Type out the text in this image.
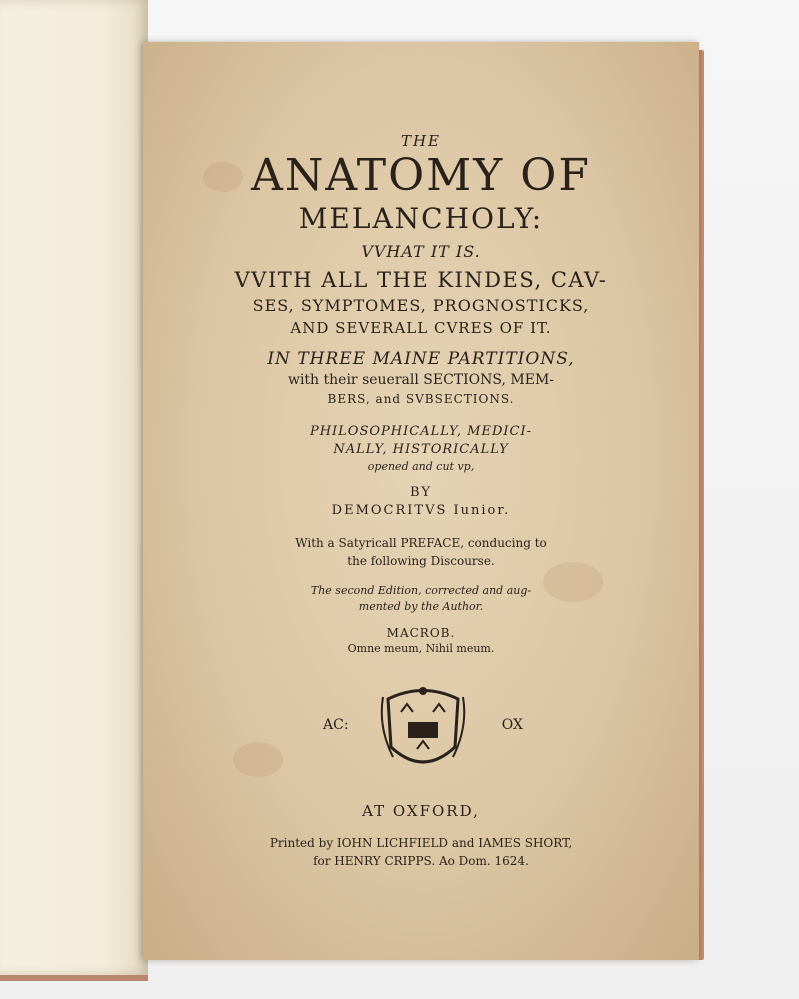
THE
ANATOMY OF
MELANCHOLY:
VVHAT IT IS.
VVITH ALL THE KINDES, CAV-
SES, SYMPTOMES, PROGNOSTICKS,
AND SEVERALL CVRES OF IT.
IN THREE MAINE PARTITIONS,
with their seuerall SECTIONS, MEM-
BERS, and SVBSECTIONS.
PHILOSOPHICALLY, MEDICI-
NALLY, HISTORICALLY
opened and cut vp,
BY
DEMOCRITVS Iunior.
With a Satyricall PREFACE, conducing to
the following Discourse.
The second Edition, corrected and aug-
mented by the Author.
MACROB.
Omne meum, Nihil meum.
AC:	OX
AT OXFORD,
Printed by IOHN LICHFIELD and IAMES SHORT,
for HENRY CRIPPS. Ao Dom. 1624.
